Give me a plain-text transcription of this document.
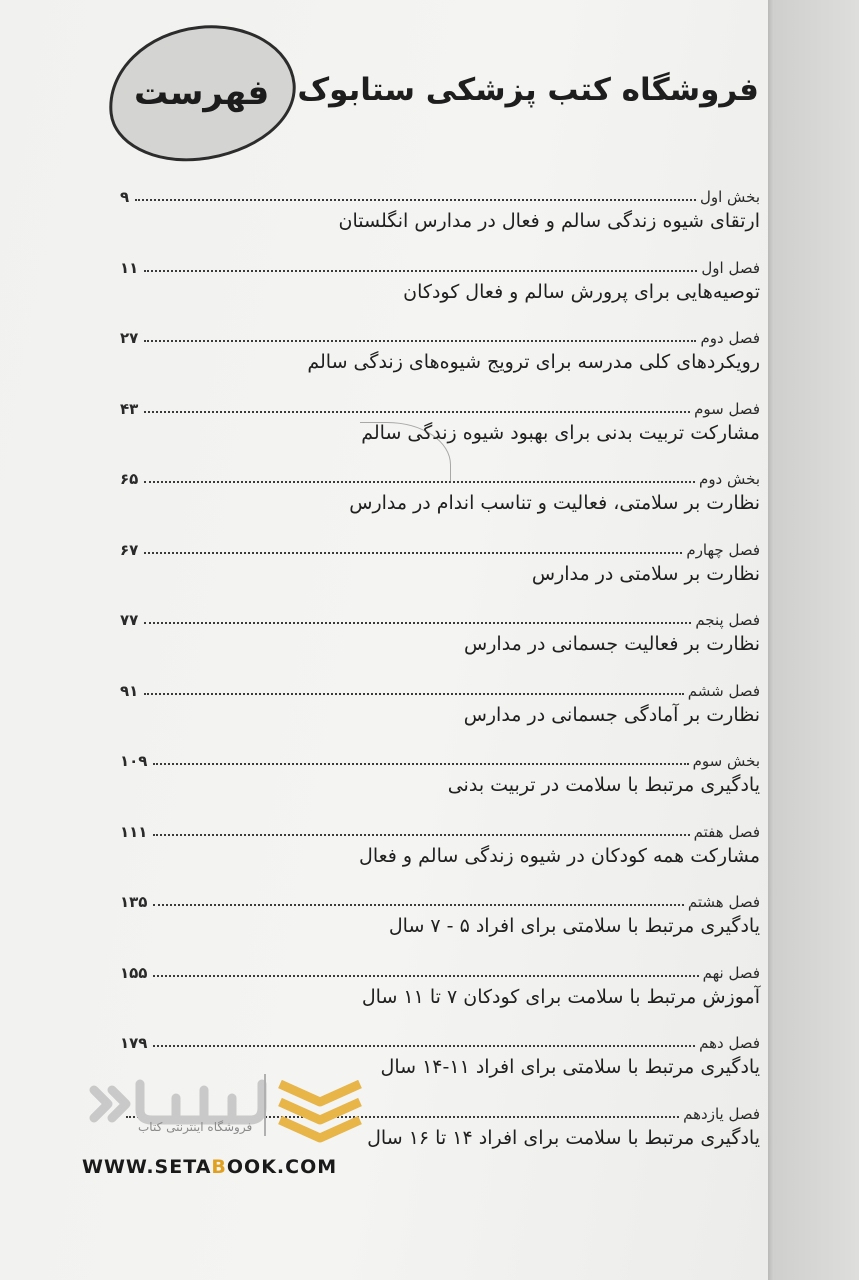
فهرست فروشگاه کتب پزشکی ستابوک
بخش اول
۹
ارتقای شیوه زندگی سالم و فعال در مدارس انگلستان
فصل اول
۱۱
توصیه‌هایی برای پرورش سالم و فعال کودکان
فصل دوم
۲۷
رویکردهای کلی مدرسه برای ترویج شیوه‌های زندگی سالم
فصل سوم
۴۳
مشارکت تربیت بدنی برای بهبود شیوه زندگی سالم
بخش دوم
۶۵
نظارت بر سلامتی، فعالیت و تناسب اندام در مدارس
فصل چهارم
۶۷
نظارت بر سلامتی در مدارس
فصل پنجم
۷۷
نظارت بر فعالیت جسمانی در مدارس
فصل ششم
۹۱
نظارت بر آمادگی جسمانی در مدارس
بخش سوم
۱۰۹
یادگیری مرتبط با سلامت در تربیت بدنی
فصل هفتم
۱۱۱
مشارکت همه کودکان در شیوه زندگی سالم و فعال
فصل هشتم
۱۳۵
یادگیری مرتبط با سلامتی برای افراد ۵ - ۷ سال
فصل نهم
۱۵۵
آموزش مرتبط با سلامت برای کودکان ۷ تا ۱۱ سال
فصل دهم
۱۷۹
یادگیری مرتبط با سلامتی برای افراد ۱۱-۱۴ سال
فصل یازدهم
یادگیری مرتبط با سلامت برای افراد ۱۴ تا ۱۶ سال
فروشگاه اینترنتی کتاب
WWW.SETABOOK.COM
